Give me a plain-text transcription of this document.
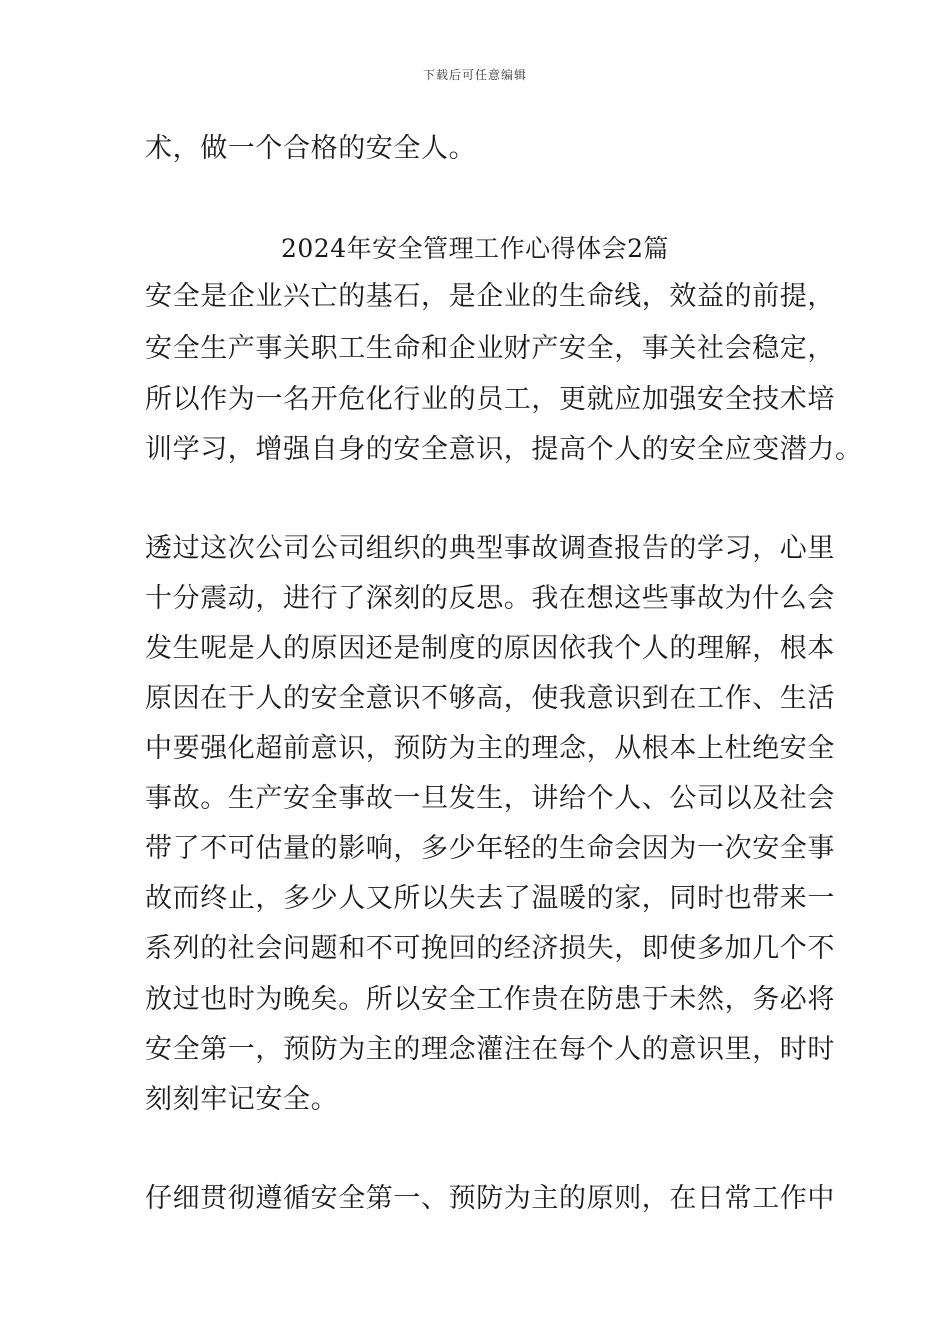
下载后可任意编辑
术，做一个合格的安全人。
2024年安全管理工作心得体会2篇
安全是企业兴亡的基石，是企业的生命线，效益的前提，
安全生产事关职工生命和企业财产安全，事关社会稳定，
所以作为一名开危化行业的员工，更就应加强安全技术培
训学习，增强自身的安全意识，提高个人的安全应变潜力。
透过这次公司公司组织的典型事故调查报告的学习，心里
十分震动，进行了深刻的反思。我在想这些事故为什么会
发生呢是人的原因还是制度的原因依我个人的理解，根本
原因在于人的安全意识不够高，使我意识到在工作、生活
中要强化超前意识，预防为主的理念，从根本上杜绝安全
事故。生产安全事故一旦发生，讲给个人、公司以及社会
带了不可估量的影响，多少年轻的生命会因为一次安全事
故而终止，多少人又所以失去了温暖的家，同时也带来一
系列的社会问题和不可挽回的经济损失，即使多加几个不
放过也时为晚矣。所以安全工作贵在防患于未然，务必将
安全第一，预防为主的理念灌注在每个人的意识里，时时
刻刻牢记安全。
仔细贯彻遵循安全第一、预防为主的原则，在日常工作中
